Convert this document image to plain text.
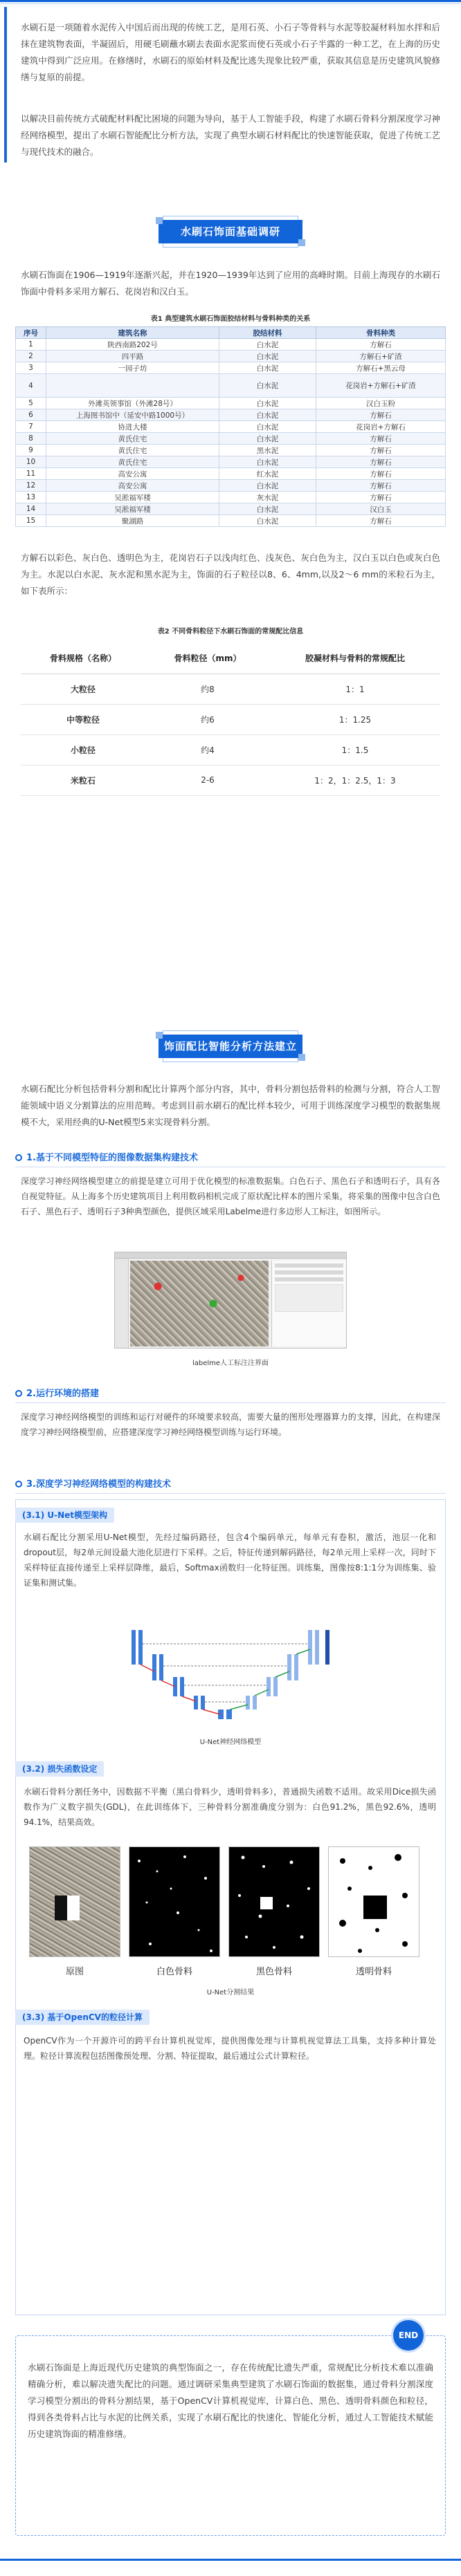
水刷石是一项随着水泥传入中国后而出现的传统工艺，是用石英、小石子等骨料与水泥等胶凝材料加水拌和后抹在建筑物表面，半凝固后，用硬毛刷蘸水刷去表面水泥浆而使石英或小石子半露的一种工艺，在上海的历史建筑中得到广泛应用。在修缮时，水刷石的原始材料及配比逃失现象比较严重，获取其信息是历史建筑风貌修缮与复原的前提。
以解决目前传统方式破配材料配比困境的问题为导向，基于人工智能手段，构建了水刷石骨料分割深度学习神经网络模型，提出了水刷石智能配比分析方法，实现了典型水刷石材料配比的快速智能获取，促进了传统工艺与现代技术的融合。
水刷石饰面基础调研
水刷石饰面在1906—1919年逐渐兴起，并在1920—1939年达到了应用的高峰时期。目前上海现存的水刷石饰面中骨料多采用方解石、花岗岩和汉白玉。
表1 典型建筑水刷石饰面胶结材料与骨料种类的关系
序号	建筑名称	胶结材料	骨料种类
1	陕西南路202号	白水泥	方解石
2	四平路	白水泥	方解石+矿渣
3	一园子坊	白水泥	方解石+黑云母
4		白水泥	花岗岩+方解石+矿渣
5	外滩英领事馆（外滩28号）	白水泥	汉白玉粉
6	上海图书馆中（延安中路1000号）	白水泥	方解石
7	协进大楼	白水泥	花岗岩+方解石
8	黄氏住宅	白水泥	方解石
9	黄氏住宅	黑水泥	方解石
10	黄氏住宅	白水泥	方解石
11	高安公寓	红水泥	方解石
12	高安公寓	白水泥	方解石
13	吴淞福军楼	灰水泥	方解石
14	吴淞福军楼	白水泥	汉白玉
15	聚湖路	白水泥	方解石
方解石以彩色、灰白色、透明色为主，花岗岩石子以浅肉红色、浅灰色、灰白色为主，汉白玉以白色或灰白色为主。水泥以白水泥、灰水泥和黑水泥为主，饰面的石子粒径以8、6、4mm,以及2～6 mm的米粒石为主，如下表所示：
表2 不同骨料粒径下水刷石饰面的常规配比信息
骨料规格（名称）	骨料粒径（mm）	胶凝材料与骨料的常规配比
大粒径	约8	1：1
中等粒径	约6	1：1.25
小粒径	约4	1：1.5
米粒石	2-6	1：2，1：2.5，1：3
饰面配比智能分析方法建立
水刷石配比分析包括骨料分割和配比计算两个部分内容，其中，骨料分割包括骨料的检测与分割，符合人工智能领域中语义分割算法的应用范畴。考虑到目前水刷石的配比样本较少，可用于训练深度学习模型的数据集规模不大，采用经典的U-Net模型5来实现骨料分割。
1.基于不同模型特征的图像数据集构建技术
深度学习神经网络模型建立的前提是建立可用于优化模型的标准数据集。白色石子、黑色石子和透明石子，具有各自视觉特征。从上海多个历史建筑项目上利用数码相机完成了原状配比样本的图片采集，将采集的图像中包含白色石子、黑色石子、透明石子3种典型颜色，提供区域采用Labelme进行多边形人工标注，如图所示。
labelme人工标注注界面
2.运行环境的搭建
深度学习神经网络模型的训练和运行对硬件的环境要求较高，需要大量的图形处理器算力的支撑，因此，在构建深度学习神经网络模型前，应搭建深度学习神经网络模型训练与运行环境。
3.深度学习神经网络模型的构建技术
(3.1) U-Net模型架构
水刷石配比分割采用U-Net模型，先经过编码路径，包含4个编码单元，每单元有卷积，激活，池层一化和dropout层，每2单元间设最大池化层进行下采样。之后，特征传递到解码路径，每2单元用上采样一次，同时下采样特征直接传递至上采样层降维，最后，Softmax函数归一化特征图。训练集，图像按8:1:1分为训练集、验证集和测试集。
U-Net神经网络模型
(3.2) 损失函数设定
水刷石骨料分割任务中，因数据不平衡（黑白骨料少，透明骨料多），普通损失函数不适用。故采用Dice损失函数作为广义数字损失(GDL)，在此训练体下，三种骨料分割准确度分别为：白色91.2%，黑色92.6%，透明94.1%，结果高效。
原图	白色骨料	黑色骨料	透明骨料
U-Net分割结果
(3.3) 基于OpenCV的粒径计算
OpenCV作为一个开源许可的跨平台计算机视觉库，提供图像处理与计算机视觉算法工具集，支持多种计算处理。粒径计算流程包括图像预处理、分割、特征提取，最后通过公式计算粒径。
END
水刷石饰面是上海近现代历史建筑的典型饰面之一，存在传统配比遗失严重，常规配比分析技术难以准确精确分析，难以解决遗失配比的问题。通过调研采集典型建筑了水刷石饰面的数据集，通过骨料分割深度学习模型分割出的骨料分割结果，基于OpenCV计算机视觉库，计算白色、黑色、透明骨料颜色和粒径，得到各类骨料占比与水泥的比例关系，实现了水刷石配比的快速化、智能化分析，通过人工智能技术赋能历史建筑饰面的精准修缮。
